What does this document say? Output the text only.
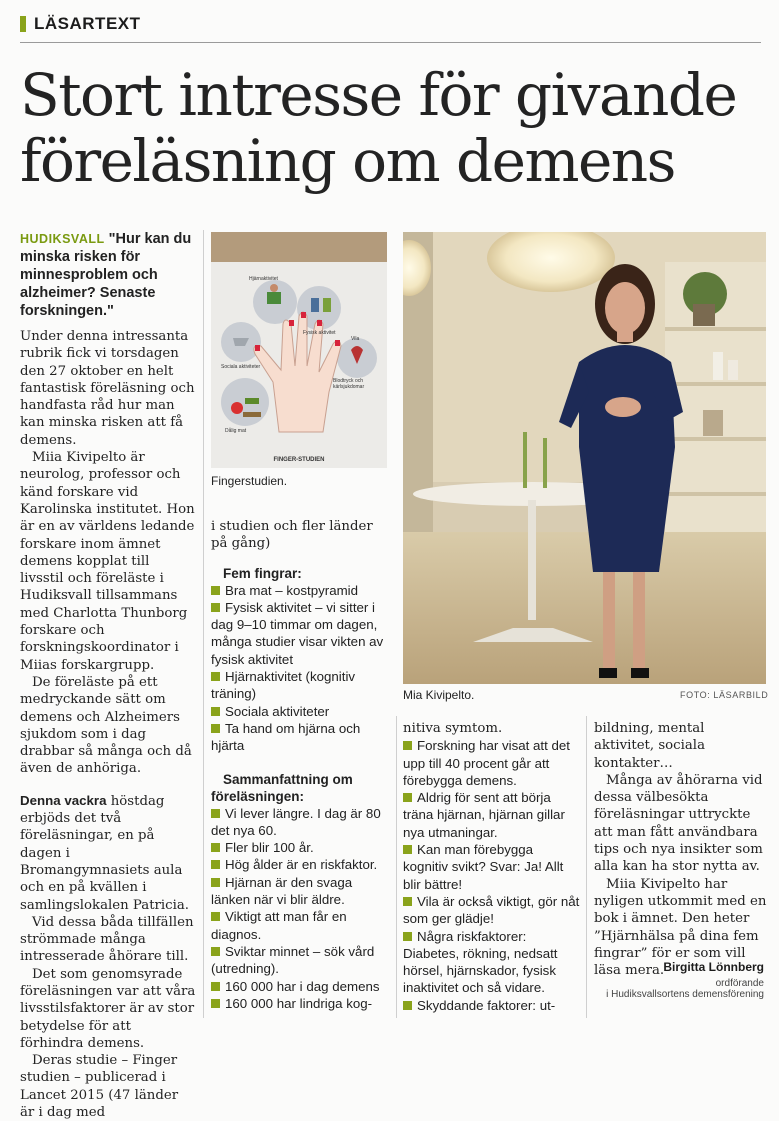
LÄSARTEXT
Stort intresse för givande
föreläsning om demens

HUDIKSVALL "Hur kan du minska risken för minnesproblem och alzheimer? Senaste forskningen."

Under denna intressanta rubrik fick vi torsdagen den 27 oktober en helt fantastisk föreläsning och handfasta råd hur man kan minska risken att få demens.

Miia Kivipelto är neurolog, professor och känd forskare vid Karolinska institutet. Hon är en av världens ledande forskare inom ämnet demens kopplat till livsstil och föreläste i Hudiksvall tillsammans med Charlotta Thunborg forskare och forskningskoordinator i Miias forskargrupp.

De föreläste på ett medryckande sätt om demens och Alzheimers sjukdom som i dag drabbar så många och då även de anhöriga.

Denna vackra höstdag erbjöds det två föreläsningar, en på dagen i Bromangymnasiets aula och en på kvällen i samlingslokalen Patricia.

Vid dessa båda tillfällen strömmade många intresserade åhörare till.

Det som genomsyrade föreläsningen var att våra livsstilsfaktorer är av stor betydelse för att förhindra demens.

Deras studie – Finger studien – publicerad i Lancet 2015 (47 länder är i dag med

FINGER-STUDIEN
Hjärnaktivitet
Sociala aktiviteter
Fysisk aktivitet
Blodtryck och kärlsjukdomar
Dålig mat
Vila
Fingerstudien.
Mia Kivipelto.	FOTO: LÄSARBILD

i studien och fler länder på gång)

Fem fingrar:

Bra mat – kostpyramid
Fysisk aktivitet – vi sitter i dag 9–10 timmar om dagen, många studier visar vikten av fysisk aktivitet
Hjärnaktivitet (kognitiv träning)
Sociala aktiviteter
Ta hand om hjärna och hjärta

Sammanfattning om föreläsningen:

Vi lever längre. I dag är 80 det nya 60.
Fler blir 100 år.
Hög ålder är en riskfaktor.
Hjärnan är den svaga länken när vi blir äldre.
Viktigt att man får en diagnos.
Sviktar minnet – sök vård (utredning).
160 000 har i dag demens
160 000 har lindriga kog-

nitiva symtom.

Forskning har visat att det upp till 40 procent går att förebygga demens.
Aldrig för sent att börja träna hjärnan, hjärnan gillar nya utmaningar.
Kan man förebygga kognitiv svikt? Svar: Ja! Allt blir bättre!
Vila är också viktigt, gör nåt som ger glädje!
Några riskfaktorer: Diabetes, rökning, nedsatt hörsel, hjärnskador, fysisk inaktivitet och så vidare.
Skyddande faktorer: ut-

bildning, mental aktivitet, sociala kontakter…

Många av åhörarna vid dessa välbesökta föreläsningar uttryckte att man fått användbara tips och nya insikter som alla kan ha stor nytta av.

Miia Kivipelto har nyligen utkommit med en bok i ämnet. Den heter ”Hjärnhälsa på dina fem fingrar” för er som vill läsa mera. Birgitta Lönnberg
ordförande
i Hudiksvallsortens demensförening
